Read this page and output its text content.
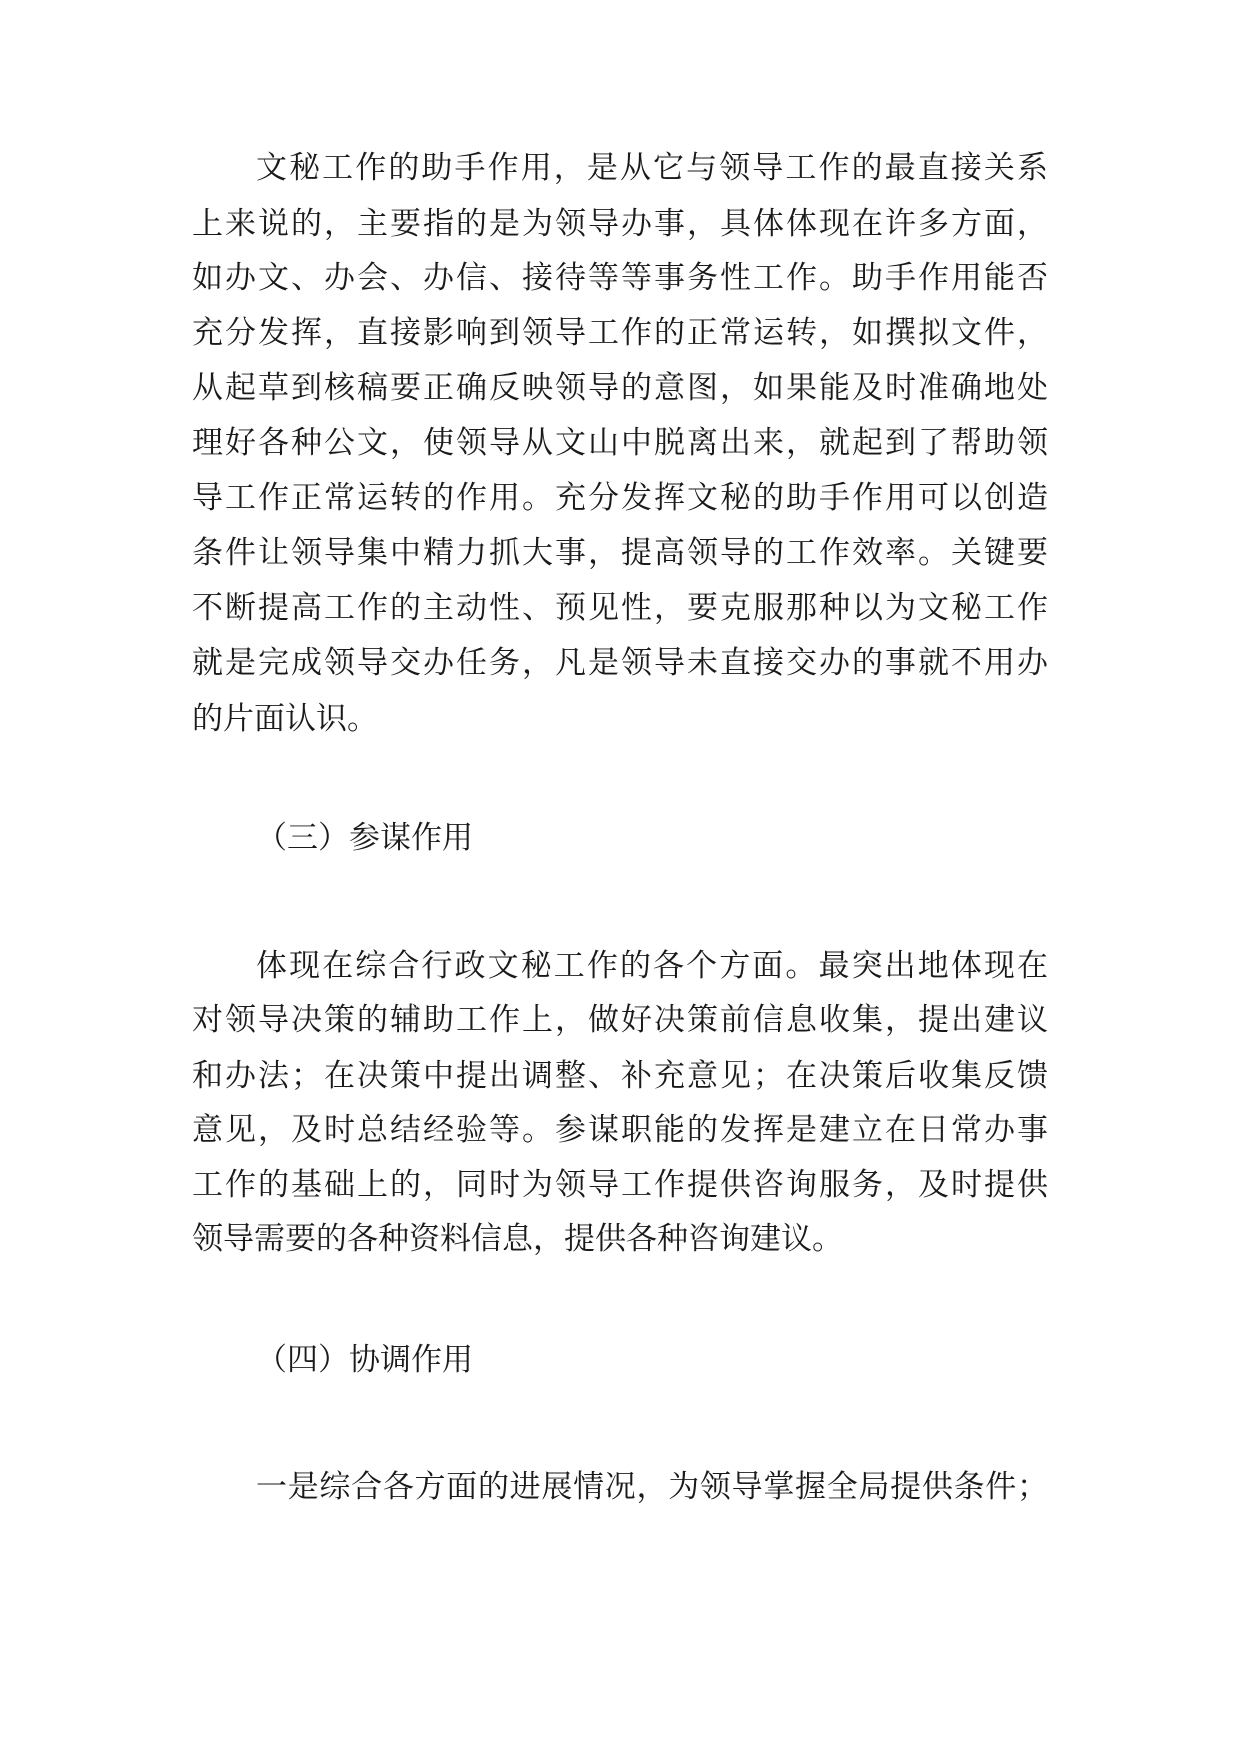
文秘工作的助手作用，是从它与领导工作的最直接关系
上来说的，主要指的是为领导办事，具体体现在许多方面，
如办文、办会、办信、接待等等事务性工作。助手作用能否
充分发挥，直接影响到领导工作的正常运转，如撰拟文件，
从起草到核稿要正确反映领导的意图，如果能及时准确地处
理好各种公文，使领导从文山中脱离出来，就起到了帮助领
导工作正常运转的作用。充分发挥文秘的助手作用可以创造
条件让领导集中精力抓大事，提高领导的工作效率。关键要
不断提高工作的主动性、预见性，要克服那种以为文秘工作
就是完成领导交办任务，凡是领导未直接交办的事就不用办
的片面认识。
（三）参谋作用
体现在综合行政文秘工作的各个方面。最突出地体现在
对领导决策的辅助工作上，做好决策前信息收集，提出建议
和办法；在决策中提出调整、补充意见；在决策后收集反馈
意见，及时总结经验等。参谋职能的发挥是建立在日常办事
工作的基础上的，同时为领导工作提供咨询服务，及时提供
领导需要的各种资料信息，提供各种咨询建议。
（四）协调作用
一是综合各方面的进展情况，为领导掌握全局提供条件；
